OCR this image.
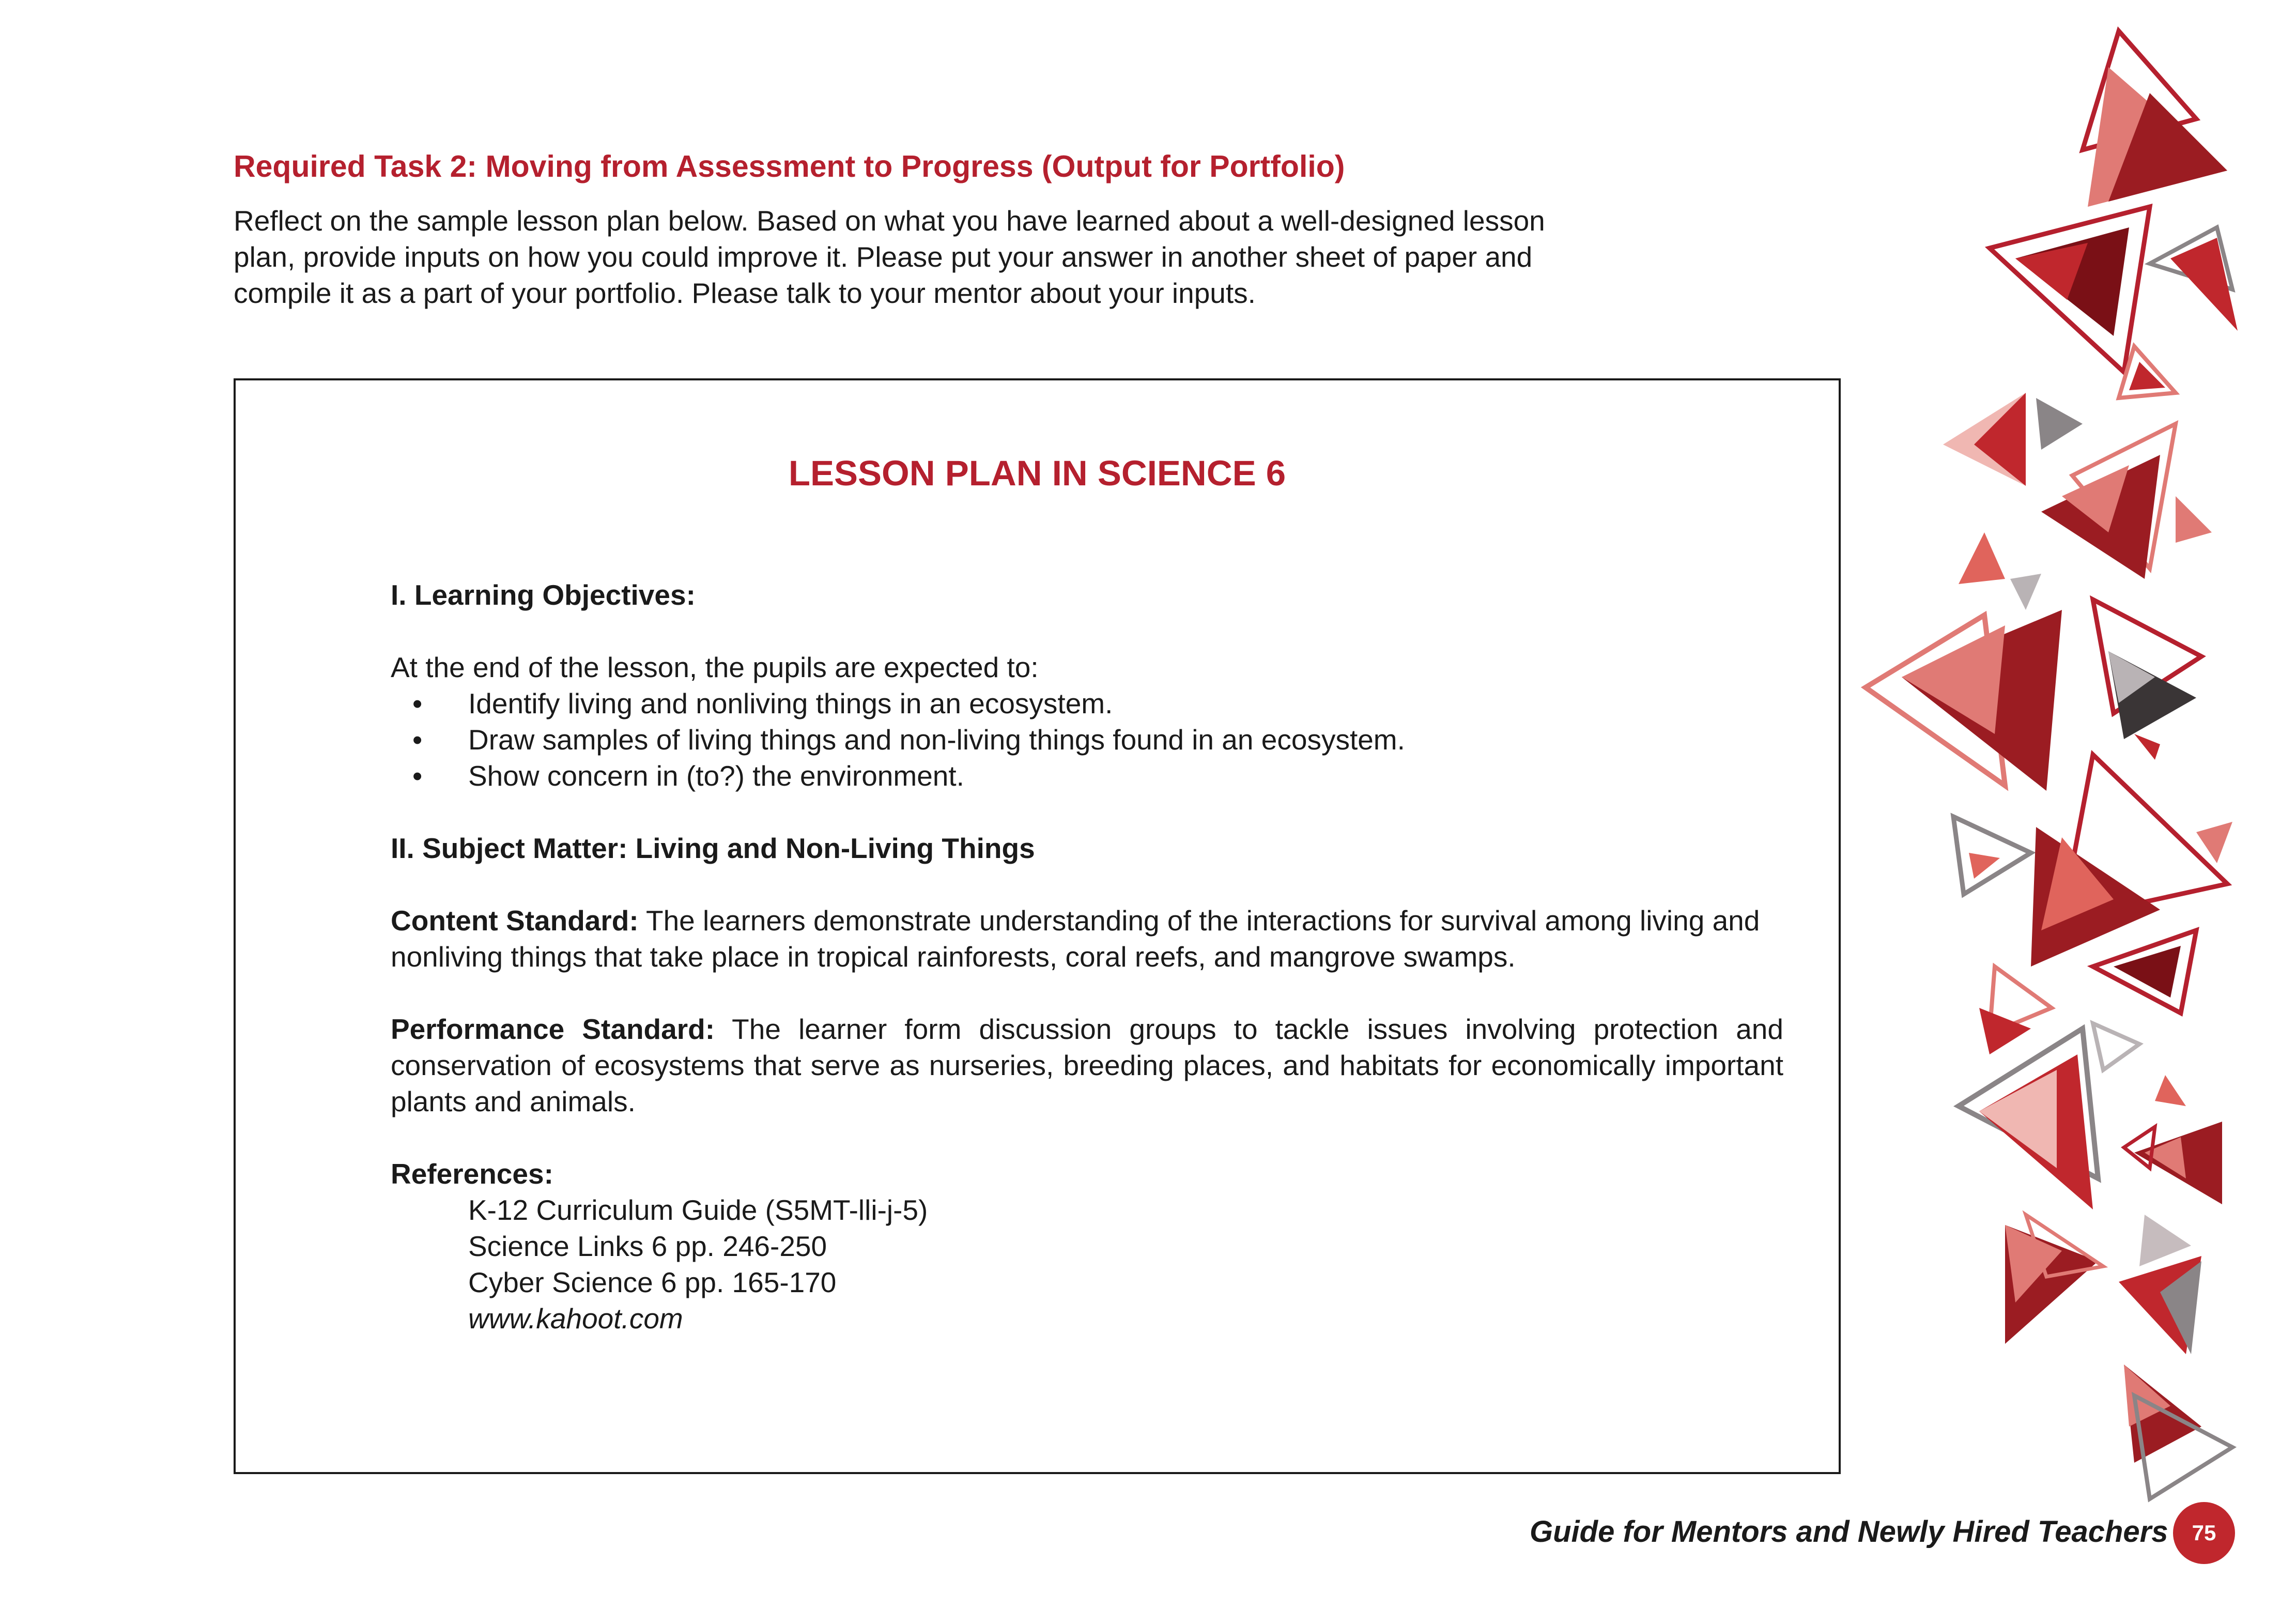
Required Task 2: Moving from Assessment to Progress (Output for Portfolio)
Reflect on the sample lesson plan below. Based on what you have learned about a well-designed lesson
plan, provide inputs on how you could improve it. Please put your answer in another sheet of paper and
compile it as a part of your portfolio. Please talk to your mentor about your inputs.
LESSON PLAN IN SCIENCE 6
I. Learning Objectives:
At the end of the lesson, the pupils are expected to:
• Identify living and nonliving things in an ecosystem.
• Draw samples of living things and non-living things found in an ecosystem.
• Show concern in (to?) the environment.
II. Subject Matter: Living and Non-Living Things
Content Standard: The learners demonstrate understanding of the interactions for survival among living and nonliving things that take place in tropical rainforests, coral reefs, and mangrove swamps.
Performance Standard: The learner form discussion groups to tackle issues involving protection and conservation of ecosystems that serve as nurseries, breeding places, and habitats for economically important plants and animals.
References:
K-12 Curriculum Guide (S5MT-lli-j-5)
Science Links 6 pp. 246-250
Cyber Science 6 pp. 165-170
www.kahoot.com
Guide for Mentors and Newly Hired Teachers	75
